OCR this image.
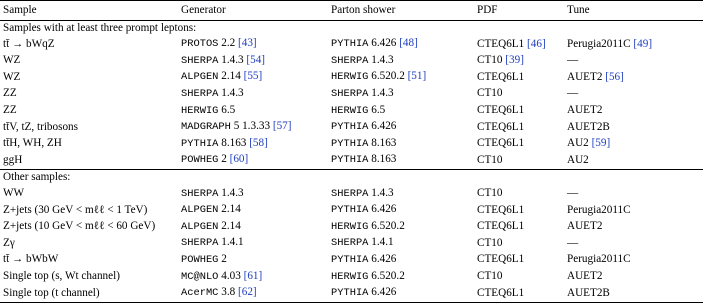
Sample	Generator	Parton shower	PDF	Tune
Samples with at least three prompt leptons:				
tt̄ → bWqZ	PROTOS 2.2 [43]	PYTHIA 6.426 [48]	CTEQ6L1 [46]	Perugia2011C [49]
WZ	SHERPA 1.4.3 [54]	SHERPA 1.4.3	CT10 [39]	—
WZ	ALPGEN 2.14 [55]	HERWIG 6.520.2 [51]	CTEQ6L1	AUET2 [56]
ZZ	SHERPA 1.4.3	SHERPA 1.4.3	CT10	—
ZZ	HERWIG 6.5	HERWIG 6.5	CTEQ6L1	AUET2
tt̄V, tZ, tribosons	MADGRAPH 5 1.3.33 [57]	PYTHIA 6.426	CTEQ6L1	AUET2B
tt̄H, WH, ZH	PYTHIA 8.163 [58]	PYTHIA 8.163	CTEQ6L1	AU2 [59]
ggH	POWHEG 2 [60]	PYTHIA 8.163	CT10	AU2
Other samples:				
WW	SHERPA 1.4.3	SHERPA 1.4.3	CT10	—
Z+jets (30 GeV < mℓℓ < 1 TeV)	ALPGEN 2.14	PYTHIA 6.426	CTEQ6L1	Perugia2011C
Z+jets (10 GeV < mℓℓ < 60 GeV)	ALPGEN 2.14	HERWIG 6.520.2	CTEQ6L1	AUET2
Zγ	SHERPA 1.4.1	SHERPA 1.4.1	CT10	—
tt̄ → bWbW	POWHEG 2	PYTHIA 6.426	CTEQ6L1	Perugia2011C
Single top (s, Wt channel)	MC@NLO 4.03 [61]	HERWIG 6.520.2	CT10	AUET2
Single top (t channel)	AcerMC 3.8 [62]	PYTHIA 6.426	CTEQ6L1	AUET2B
